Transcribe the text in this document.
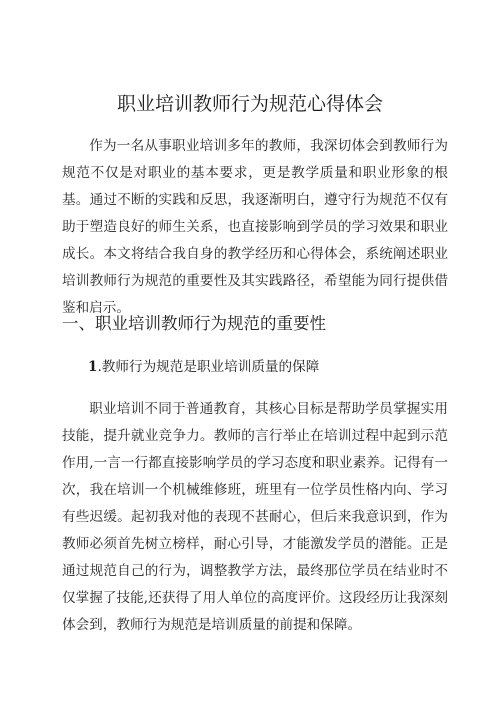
职业培训教师行为规范心得体会

作为一名从事职业培训多年的教师，我深切体会到教师行为规范不仅是对职业的基本要求，更是教学质量和职业形象的根基。通过不断的实践和反思，我逐渐明白，遵守行为规范不仅有助于塑造良好的师生关系，也直接影响到学员的学习效果和职业成长。本文将结合我自身的教学经历和心得体会，系统阐述职业培训教师行为规范的重要性及其实践路径，希望能为同行提供借鉴和启示。

一、职业培训教师行为规范的重要性
1.教师行为规范是职业培训质量的保障

职业培训不同于普通教育，其核心目标是帮助学员掌握实用技能，提升就业竞争力。教师的言行举止在培训过程中起到示范作用,一言一行都直接影响学员的学习态度和职业素养。记得有一次，我在培训一个机械维修班，班里有一位学员性格内向、学习有些迟缓。起初我对他的表现不甚耐心，但后来我意识到，作为教师必须首先树立榜样，耐心引导，才能激发学员的潜能。正是通过规范自己的行为，调整教学方法，最终那位学员在结业时不仅掌握了技能,还获得了用人单位的高度评价。这段经历让我深刻体会到，教师行为规范是培训质量的前提和保障。
